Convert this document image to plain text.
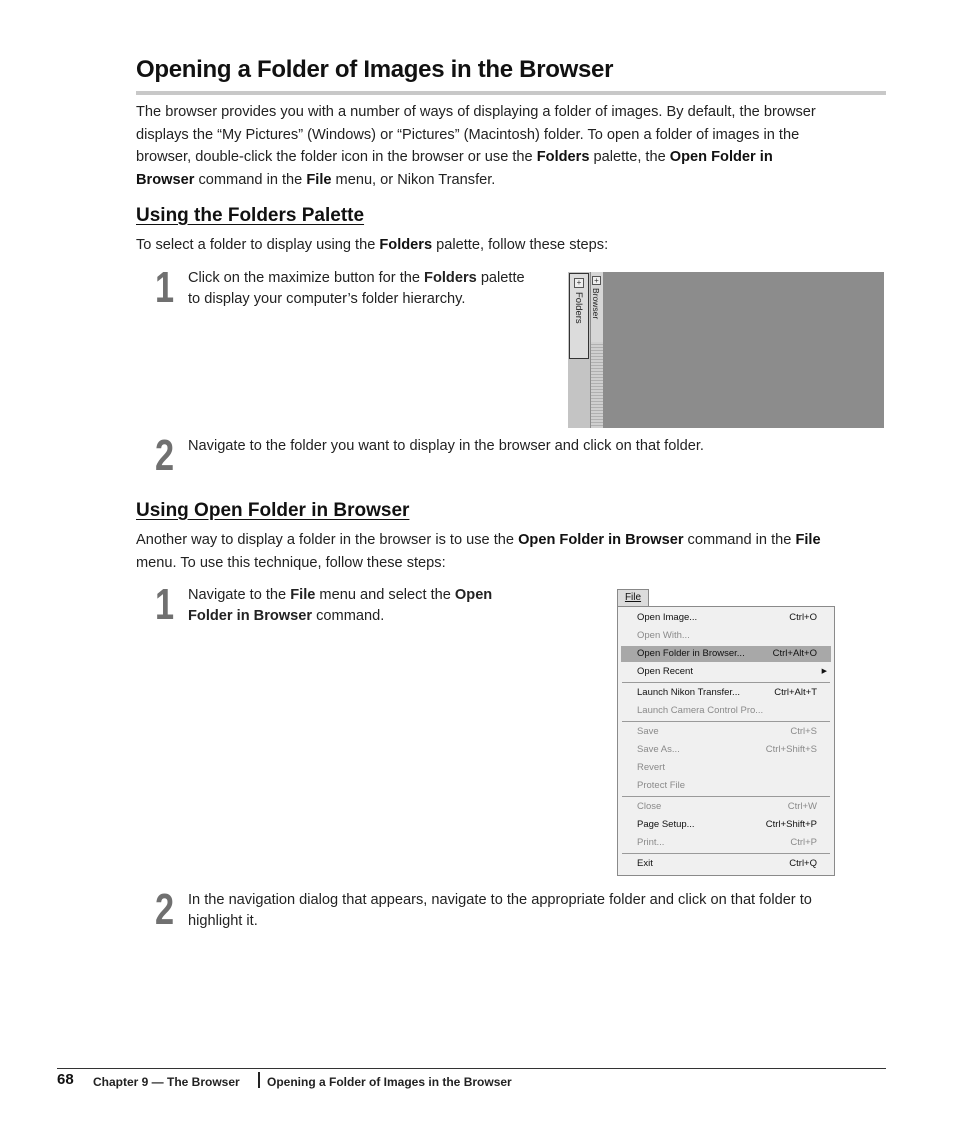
Opening a Folder of Images in the Browser
The browser provides you with a number of ways of displaying a folder of images. By default, the browser
displays the “My Pictures” (Windows) or “Pictures” (Macintosh) folder. To open a folder of images in the
browser, double-click the folder icon in the browser or use the Folders palette, the Open Folder in
Browser command in the File menu, or Nikon Transfer.
Using the Folders Palette
To select a folder to display using the Folders palette, follow these steps:
1 Click on the maximize button for the Folders palette
to display your computer’s folder hierarchy.
+
Folders
+
Browser
2 Navigate to the folder you want to display in the browser and click on that folder.
Using Open Folder in Browser
Another way to display a folder in the browser is to use the Open Folder in Browser command in the File
menu. To use this technique, follow these steps:
1 Navigate to the File menu and select the Open
Folder in Browser command.
File
Open Image...	Ctrl+O
Open With...
Open Folder in Browser...	Ctrl+Alt+O
Open Recent	▶
Launch Nikon Transfer...	Ctrl+Alt+T
Launch Camera Control Pro...
Save	Ctrl+S
Save As...	Ctrl+Shift+S
Revert
Protect File
Close	Ctrl+W
Page Setup...	Ctrl+Shift+P
Print...	Ctrl+P
Exit	Ctrl+Q
2 In the navigation dialog that appears, navigate to the appropriate folder and click on that folder to
highlight it.
68 Chapter 9 — The Browser Opening a Folder of Images in the Browser
